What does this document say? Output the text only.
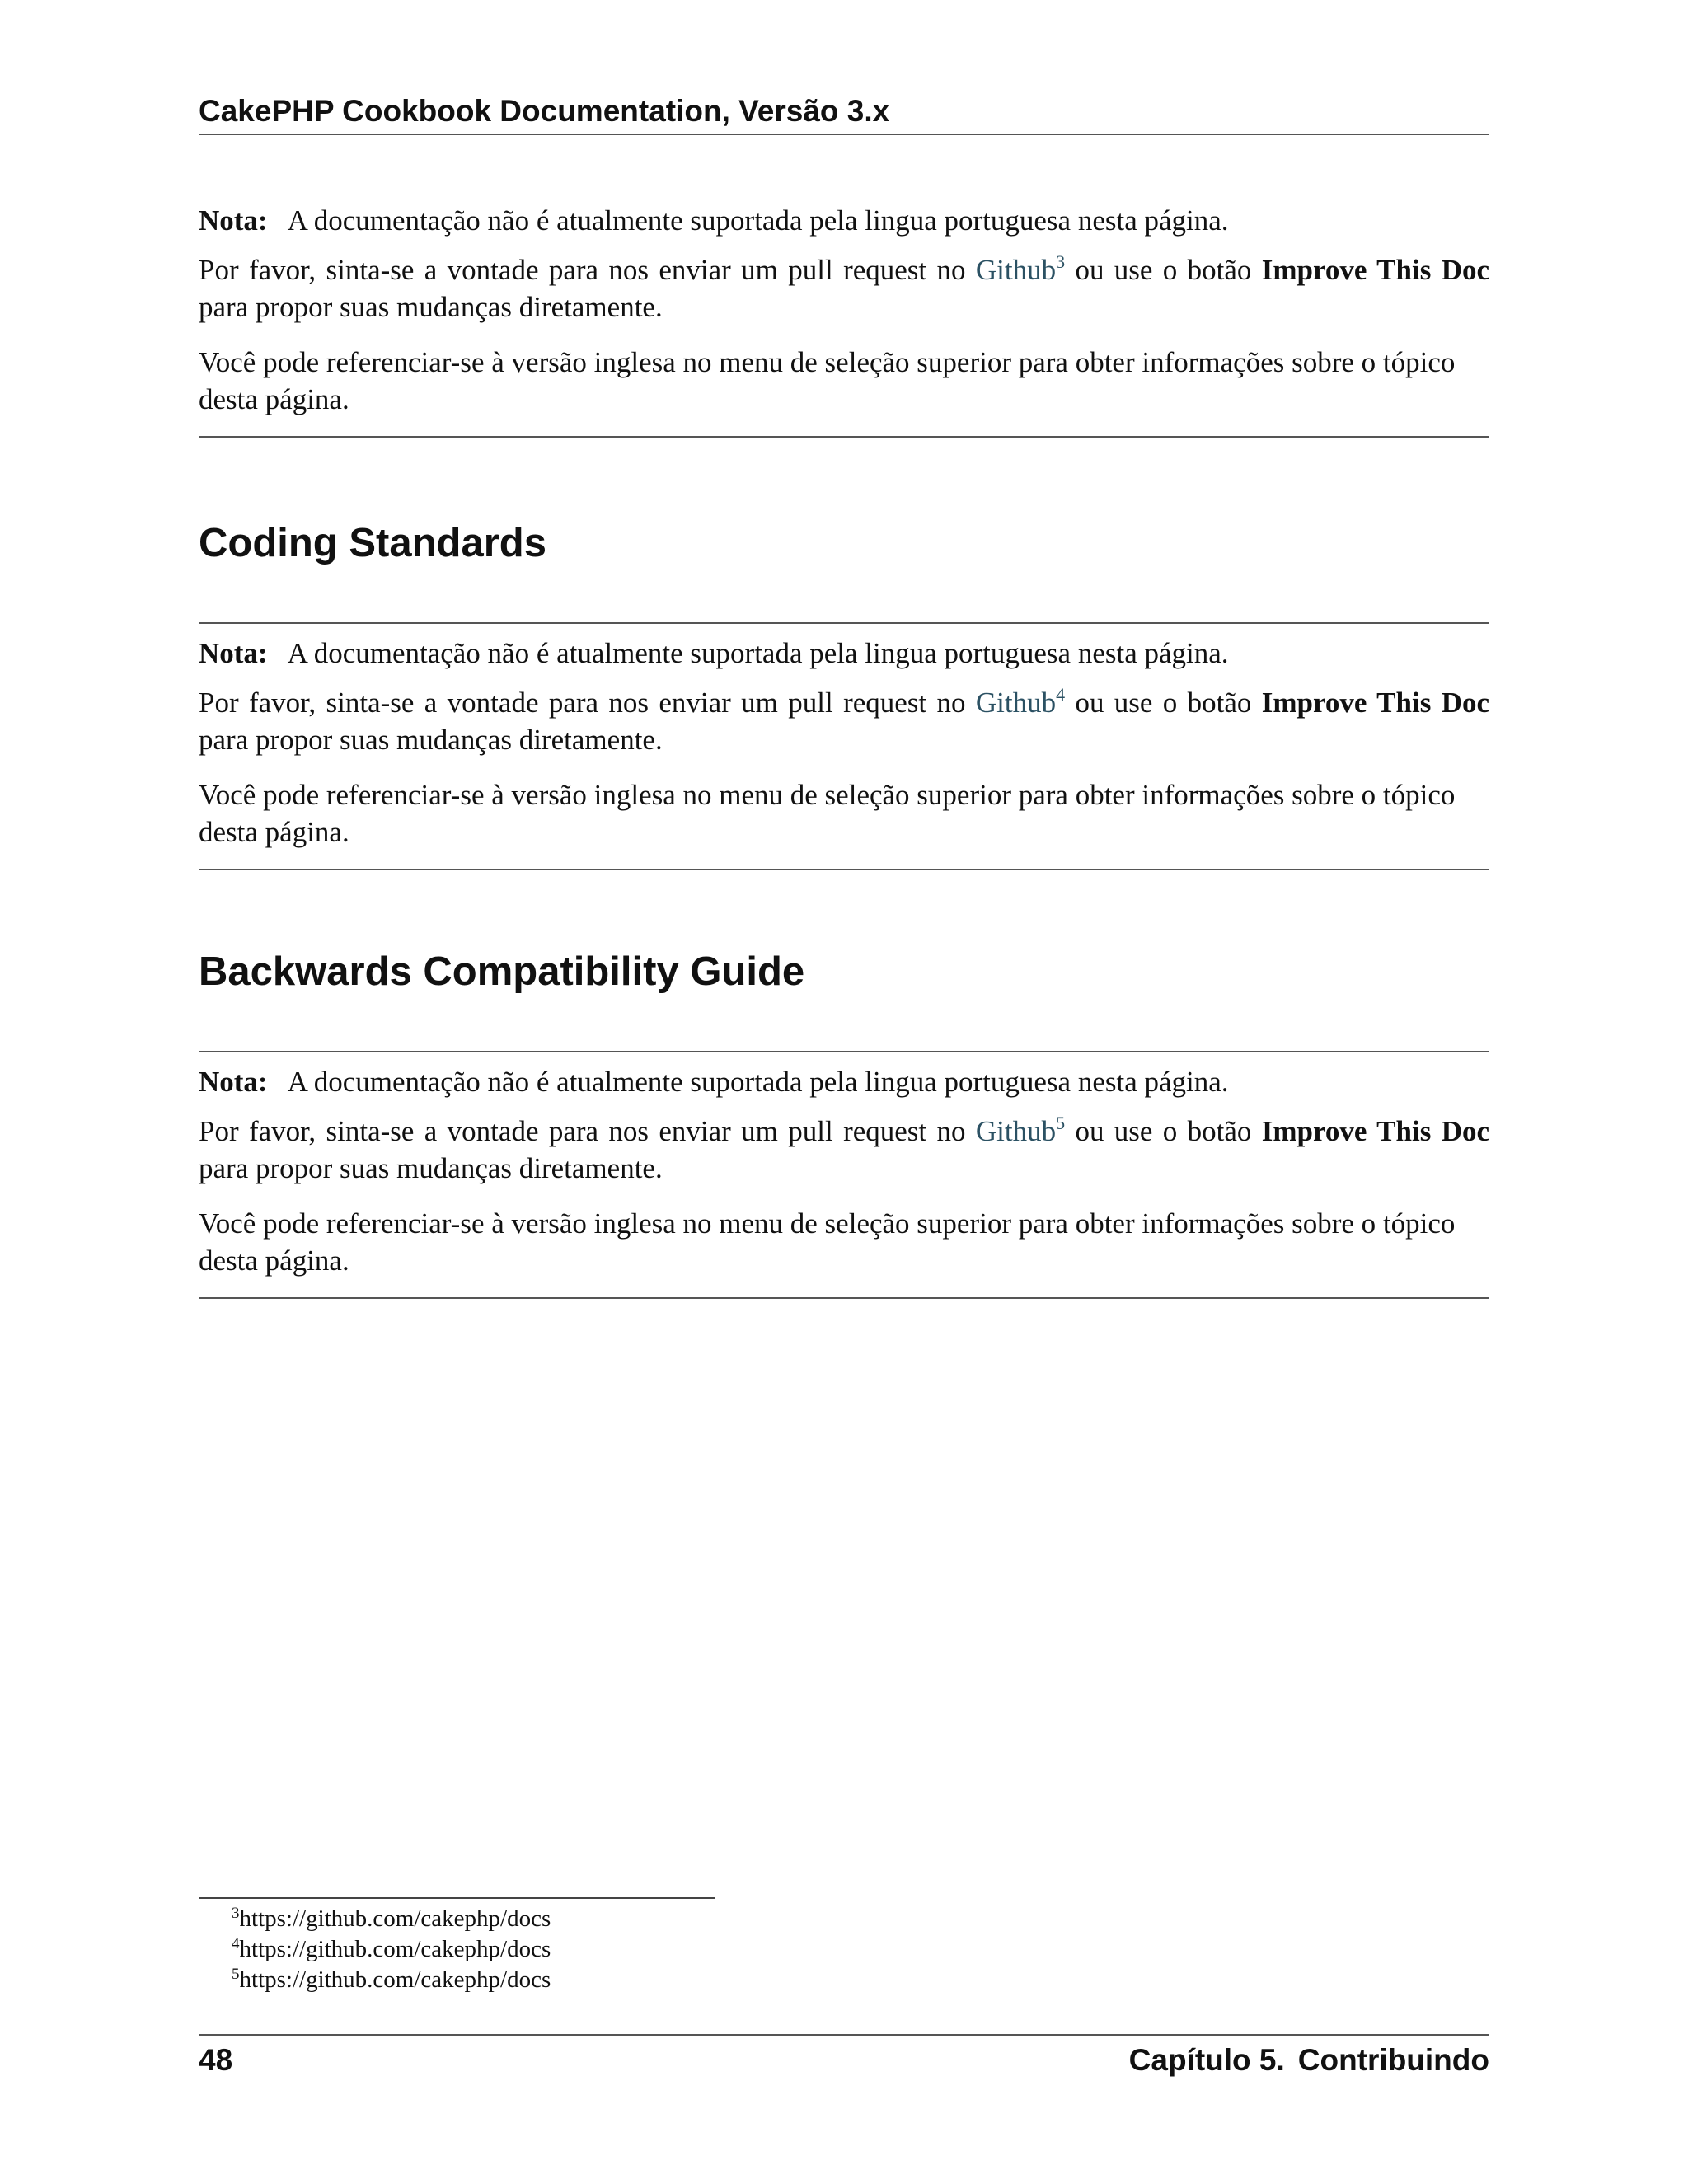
CakePHP Cookbook Documentation, Versão 3.x

Nota: A documentação não é atualmente suportada pela lingua portuguesa nesta página.

Por favor, sinta-se a vontade para nos enviar um pull request no Github$^3$ ou use o botão Improve This Doc para propor suas mudanças diretamente.

Você pode referenciar-se à versão inglesa no menu de seleção superior para obter informações sobre o tópico desta página.

Coding Standards

Nota: A documentação não é atualmente suportada pela lingua portuguesa nesta página.

Por favor, sinta-se a vontade para nos enviar um pull request no Github$^4$ ou use o botão Improve This Doc para propor suas mudanças diretamente.

Você pode referenciar-se à versão inglesa no menu de seleção superior para obter informações sobre o tópico desta página.

Backwards Compatibility Guide

Nota: A documentação não é atualmente suportada pela lingua portuguesa nesta página.

Por favor, sinta-se a vontade para nos enviar um pull request no Github$^5$ ou use o botão Improve This Doc para propor suas mudanças diretamente.

Você pode referenciar-se à versão inglesa no menu de seleção superior para obter informações sobre o tópico desta página.

$^3$https://github.com/cakephp/docs
$^4$https://github.com/cakephp/docs
$^5$https://github.com/cakephp/docs
48	Capítulo 5. Contribuindo
